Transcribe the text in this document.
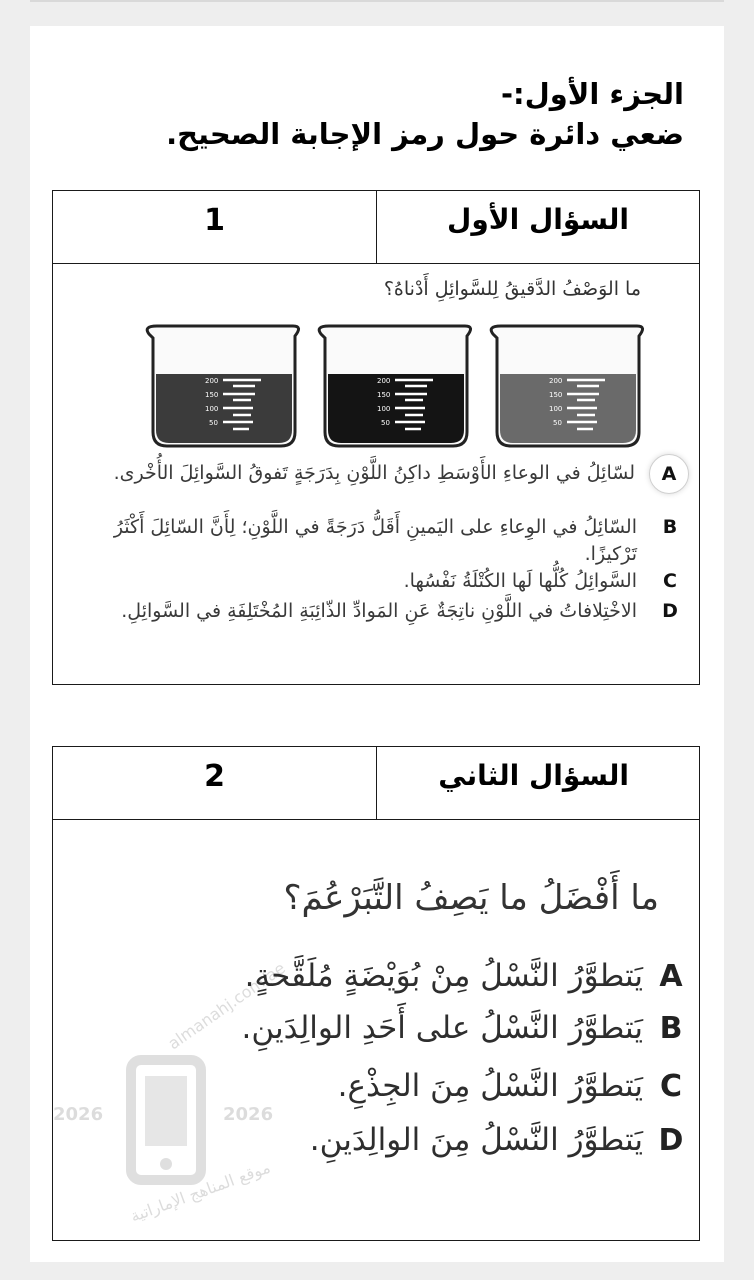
الجزء الأول:-
ضعي دائرة حول رمز الإجابة الصحيح.
1	السؤال الأول
ما الوَصْفُ الدَّقيقُ لِلسَّوائِلِ أَدْناهُ؟
200
150
100
50
200
150
100
50
200
150
100
50
A
لسّائِلُ في الوعاءِ الأَوْسَطِ داكِنُ اللَّوْنِ بِدَرَجَةٍ تَفوقُ السَّوائِلَ الأُخْرى.
B
السّائِلُ في الوِعاءِ على اليَمينِ أَقَلُّ دَرَجَةً في اللَّوْنِ؛ لِأَنَّ السّائِلَ أَكْثَرُ تَرْكيزًا.
C
السَّوائِلُ كُلُّها لَها الكُتْلَةُ نَفْسُها.
D
الاخْتِلافاتُ في اللَّوْنِ ناتِجَةٌ عَنِ المَوادِّ الذّائِبَةِ المُخْتَلِفَةِ في السَّوائِلِ.
2	السؤال الثاني
2026	2026
almanahj.com/ae
موقع المناهج الإماراتية
ما أَفْضَلُ ما يَصِفُ التَّبَرْعُمَ؟
A
يَتطوَّرُ النَّسْلُ مِنْ بُوَيْضَةٍ مُلَقَّحةٍ.
B
يَتطوَّرُ النَّسْلُ على أَحَدِ الوالِدَينِ.
C
يَتطوَّرُ النَّسْلُ مِنَ الجِذْعِ.
D
يَتطوَّرُ النَّسْلُ مِنَ الوالِدَينِ.
